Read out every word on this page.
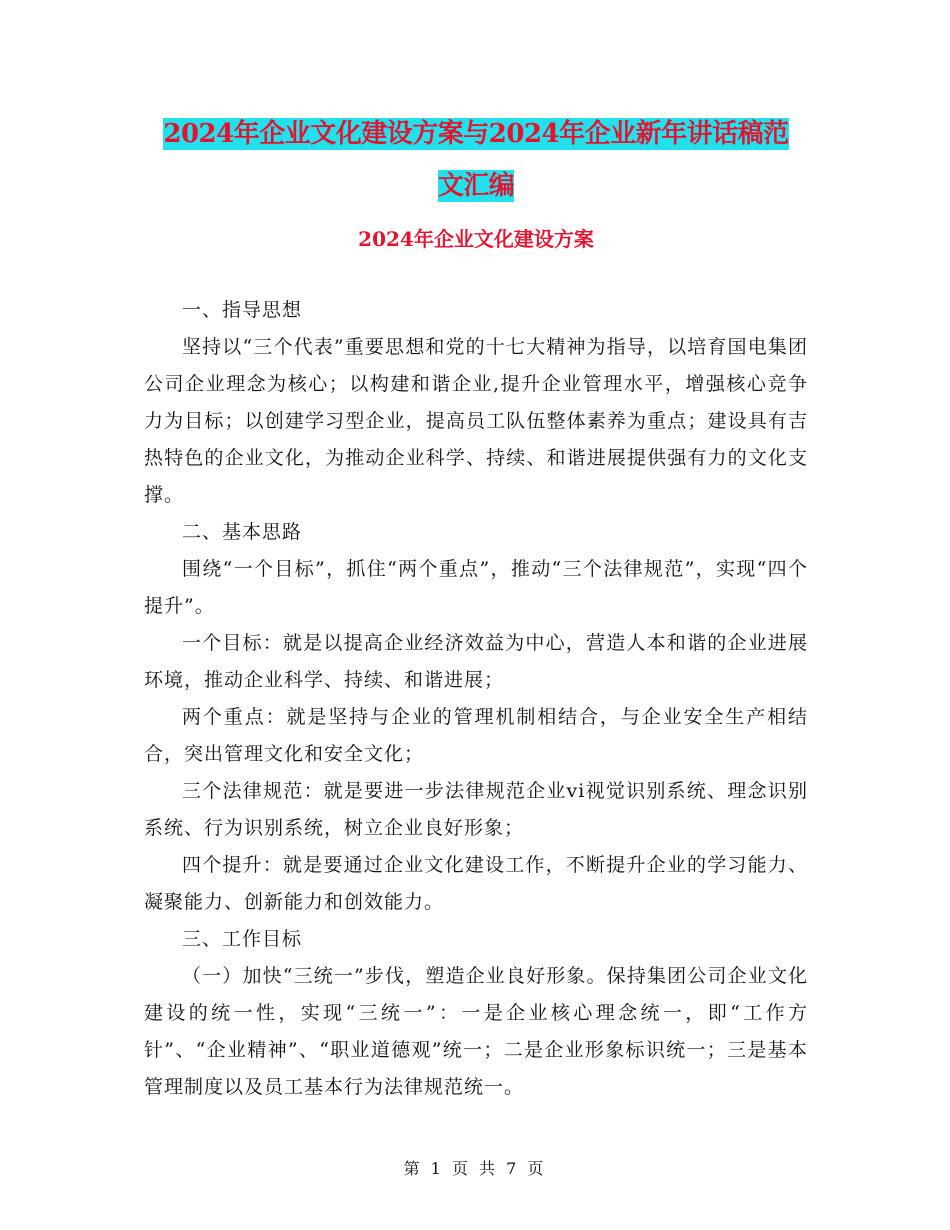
2024年企业文化建设方案与2024年企业新年讲话稿范
文汇编
2024年企业文化建设方案

一、指导思想

坚持以“三个代表”重要思想和党的十七大精神为指导，以培育国电集团公司企业理念为核心；以构建和谐企业,提升企业管理水平，增强核心竞争力为目标；以创建学习型企业，提高员工队伍整体素养为重点；建设具有吉热特色的企业文化，为推动企业科学、持续、和谐进展提供强有力的文化支撑。

二、基本思路

围绕“一个目标”，抓住“两个重点”，推动“三个法律规范”，实现“四个提升”。

一个目标：就是以提高企业经济效益为中心，营造人本和谐的企业进展环境，推动企业科学、持续、和谐进展；

两个重点：就是坚持与企业的管理机制相结合，与企业安全生产相结合，突出管理文化和安全文化；

三个法律规范：就是要进一步法律规范企业vi视觉识别系统、理念识别系统、行为识别系统，树立企业良好形象；

四个提升：就是要通过企业文化建设工作，不断提升企业的学习能力、凝聚能力、创新能力和创效能力。

三、工作目标

（一）加快“三统一”步伐，塑造企业良好形象。保持集团公司企业文化建设的统一性，实现“三统一”：一是企业核心理念统一，即“工作方针”、“企业精神”、“职业道德观”统一；二是企业形象标识统一；三是基本管理制度以及员工基本行为法律规范统一。

第 1 页 共 7 页
